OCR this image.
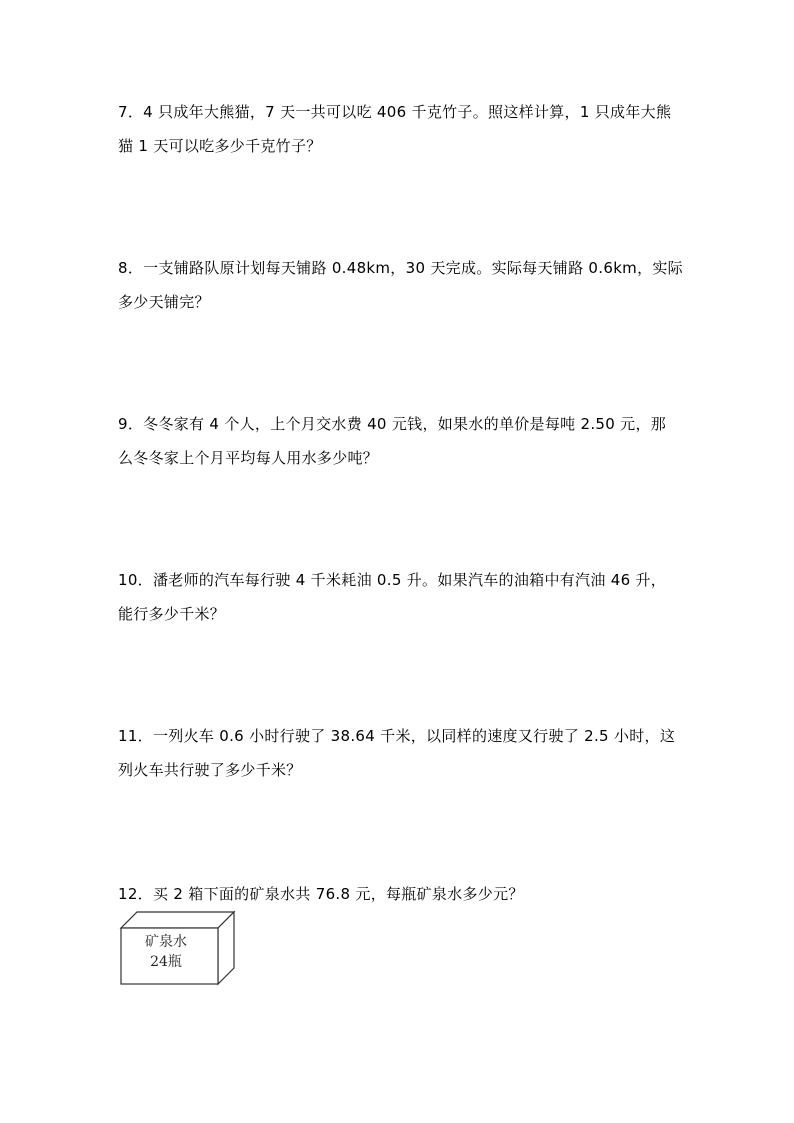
7．4 只成年大熊猫，7 天一共可以吃 406 千克竹子。照这样计算，1 只成年大熊
猫 1 天可以吃多少千克竹子？
8．一支铺路队原计划每天铺路 0.48km，30 天完成。实际每天铺路 0.6km，实际
多少天铺完？
9．冬冬家有 4 个人，上个月交水费 40 元钱，如果水的单价是每吨 2.50 元，那
么冬冬家上个月平均每人用水多少吨？
10．潘老师的汽车每行驶 4 千米耗油 0.5 升。如果汽车的油箱中有汽油 46 升，
能行多少千米？
11．一列火车 0.6 小时行驶了 38.64 千米，以同样的速度又行驶了 2.5 小时，这
列火车共行驶了多少千米？
12．买 2 箱下面的矿泉水共 76.8 元，每瓶矿泉水多少元？
矿泉水
24瓶
